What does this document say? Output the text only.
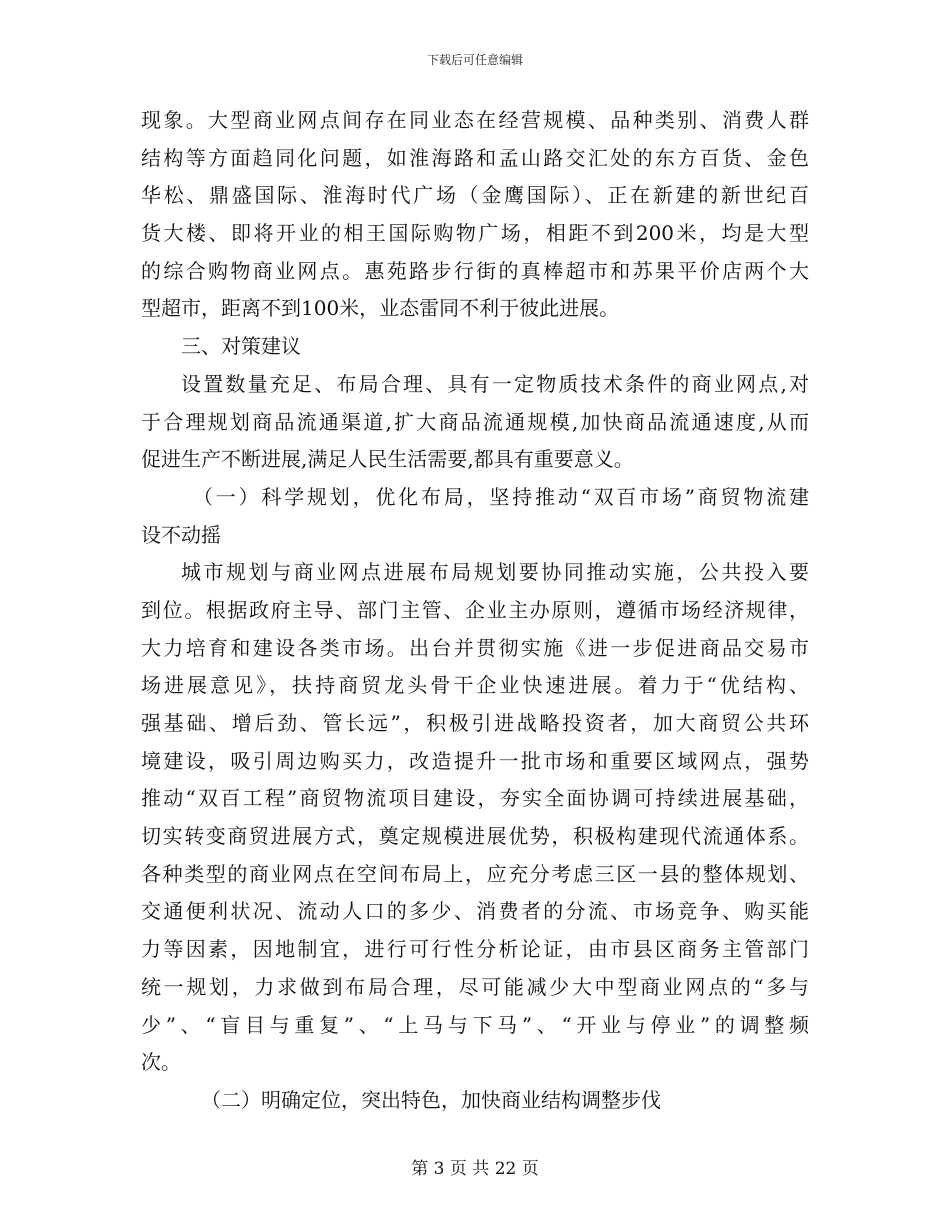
下载后可任意编辑
现象。大型商业网点间存在同业态在经营规模、品种类别、消费人群
结构等方面趋同化问题，如淮海路和孟山路交汇处的东方百货、金色
华松、鼎盛国际、淮海时代广场（金鹰国际）、正在新建的新世纪百
货大楼、即将开业的相王国际购物广场，相距不到200米，均是大型
的综合购物商业网点。惠苑路步行街的真棒超市和苏果平价店两个大
型超市，距离不到100米，业态雷同不利于彼此进展。
三、对策建议
设置数量充足、布局合理、具有一定物质技术条件的商业网点,对
于合理规划商品流通渠道,扩大商品流通规模,加快商品流通速度,从而
促进生产不断进展,满足人民生活需要,都具有重要意义。
（一）科学规划，优化布局，坚持推动“双百市场”商贸物流建
设不动摇
城市规划与商业网点进展布局规划要协同推动实施，公共投入要
到位。根据政府主导、部门主管、企业主办原则，遵循市场经济规律，
大力培育和建设各类市场。出台并贯彻实施《进一步促进商品交易市
场进展意见》，扶持商贸龙头骨干企业快速进展。着力于“优结构、
强基础、增后劲、管长远”，积极引进战略投资者，加大商贸公共环
境建设，吸引周边购买力，改造提升一批市场和重要区域网点，强势
推动“双百工程”商贸物流项目建设，夯实全面协调可持续进展基础，
切实转变商贸进展方式，奠定规模进展优势，积极构建现代流通体系。
各种类型的商业网点在空间布局上，应充分考虑三区一县的整体规划、
交通便利状况、流动人口的多少、消费者的分流、市场竞争、购买能
力等因素，因地制宜，进行可行性分析论证，由市县区商务主管部门
统一规划，力求做到布局合理，尽可能减少大中型商业网点的“多与
少”、“盲目与重复”、“上马与下马”、“开业与停业”的调整频
次。
（二）明确定位，突出特色，加快商业结构调整步伐
第 3 页 共 22 页
